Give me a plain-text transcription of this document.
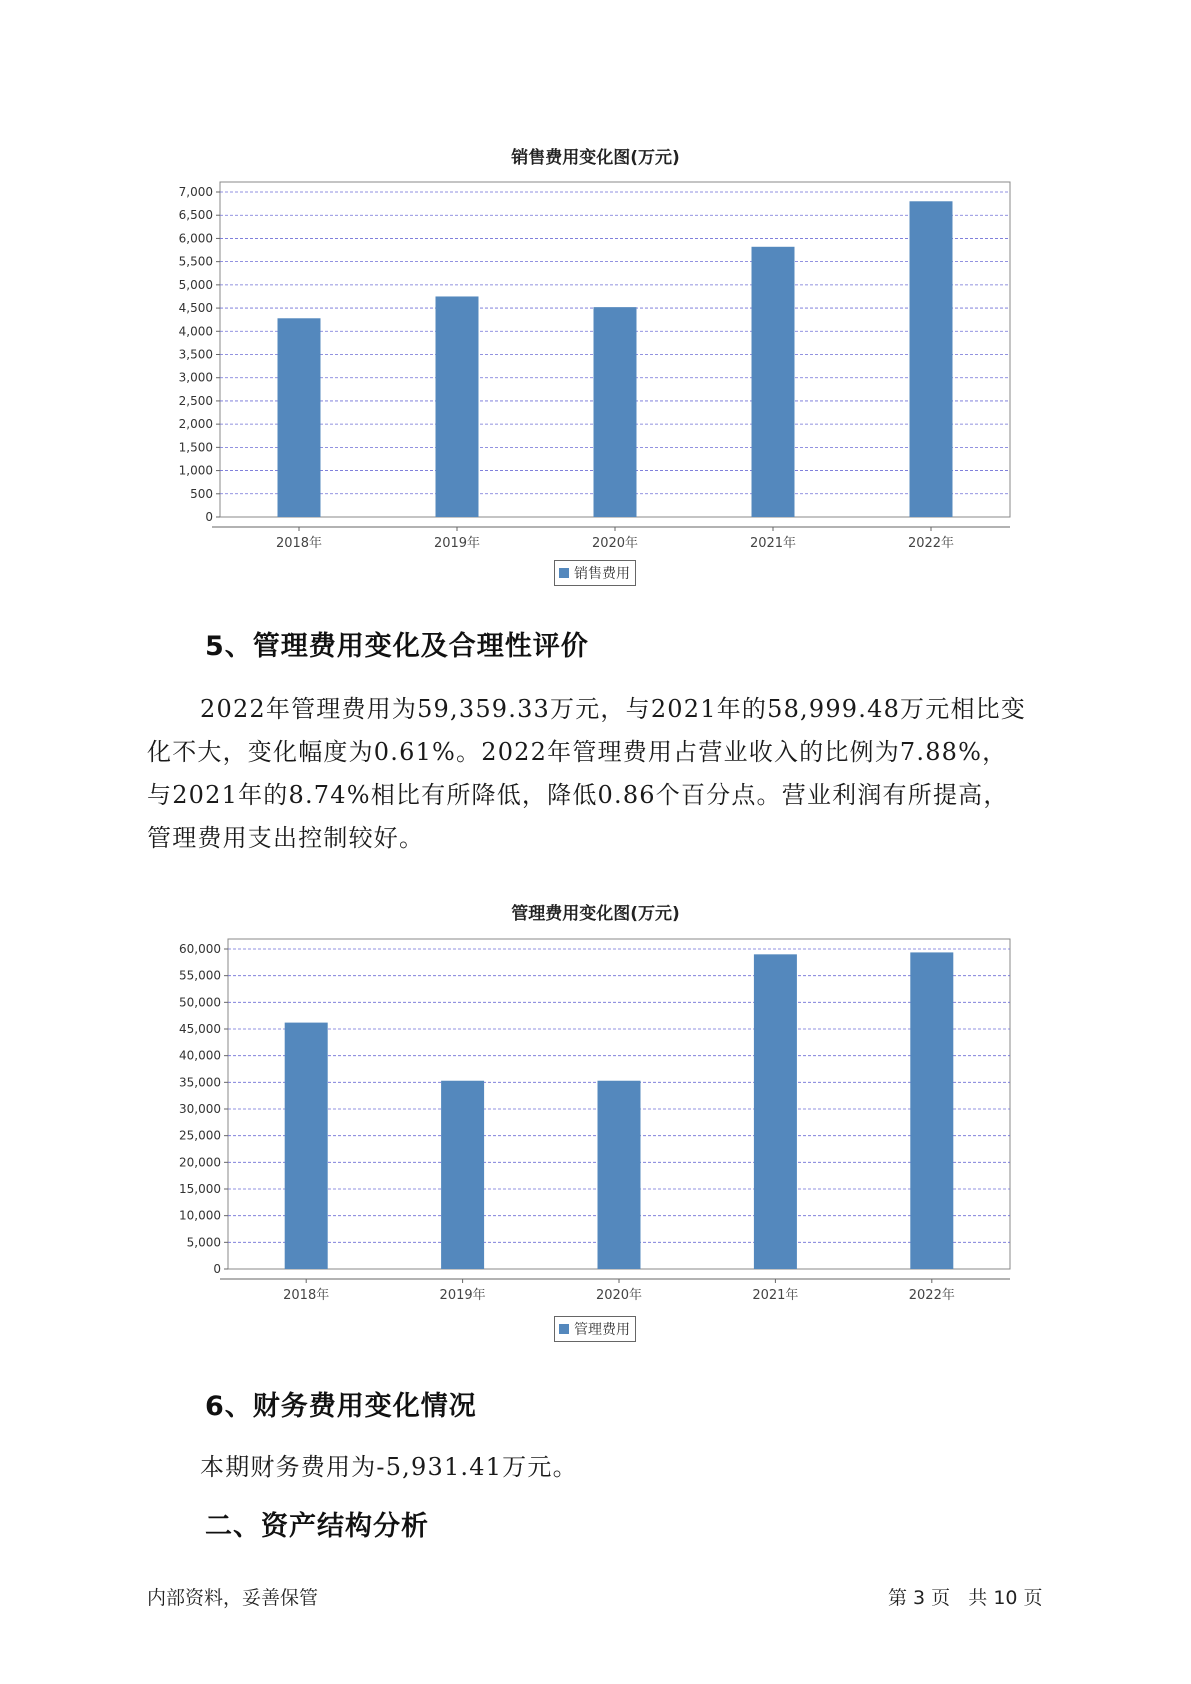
销售费用变化图(万元)
0
500
1,000
1,500
2,000
2,500
3,000
3,500
4,000
4,500
5,000
5,500
6,000
6,500
7,000
2018年	2019年	2020年	2021年	2022年
销售费用
5、管理费用变化及合理性评价

2022年管理费用为59,359.33万元，与2021年的58,999.48万元相比变

化不大，变化幅度为0.61%。2022年管理费用占营业收入的比例为7.88%，

与2021年的8.74%相比有所降低，降低0.86个百分点。营业利润有所提高，

管理费用支出控制较好。

管理费用变化图(万元)
0
5,000
10,000
15,000
20,000
25,000
30,000
35,000
40,000
45,000
50,000
55,000
60,000
2018年	2019年	2020年	2021年	2022年
管理费用
6、财务费用变化情况

本期财务费用为-5,931.41万元。

二、资产结构分析
内部资料，妥善保管	第 3 页   共 10 页
